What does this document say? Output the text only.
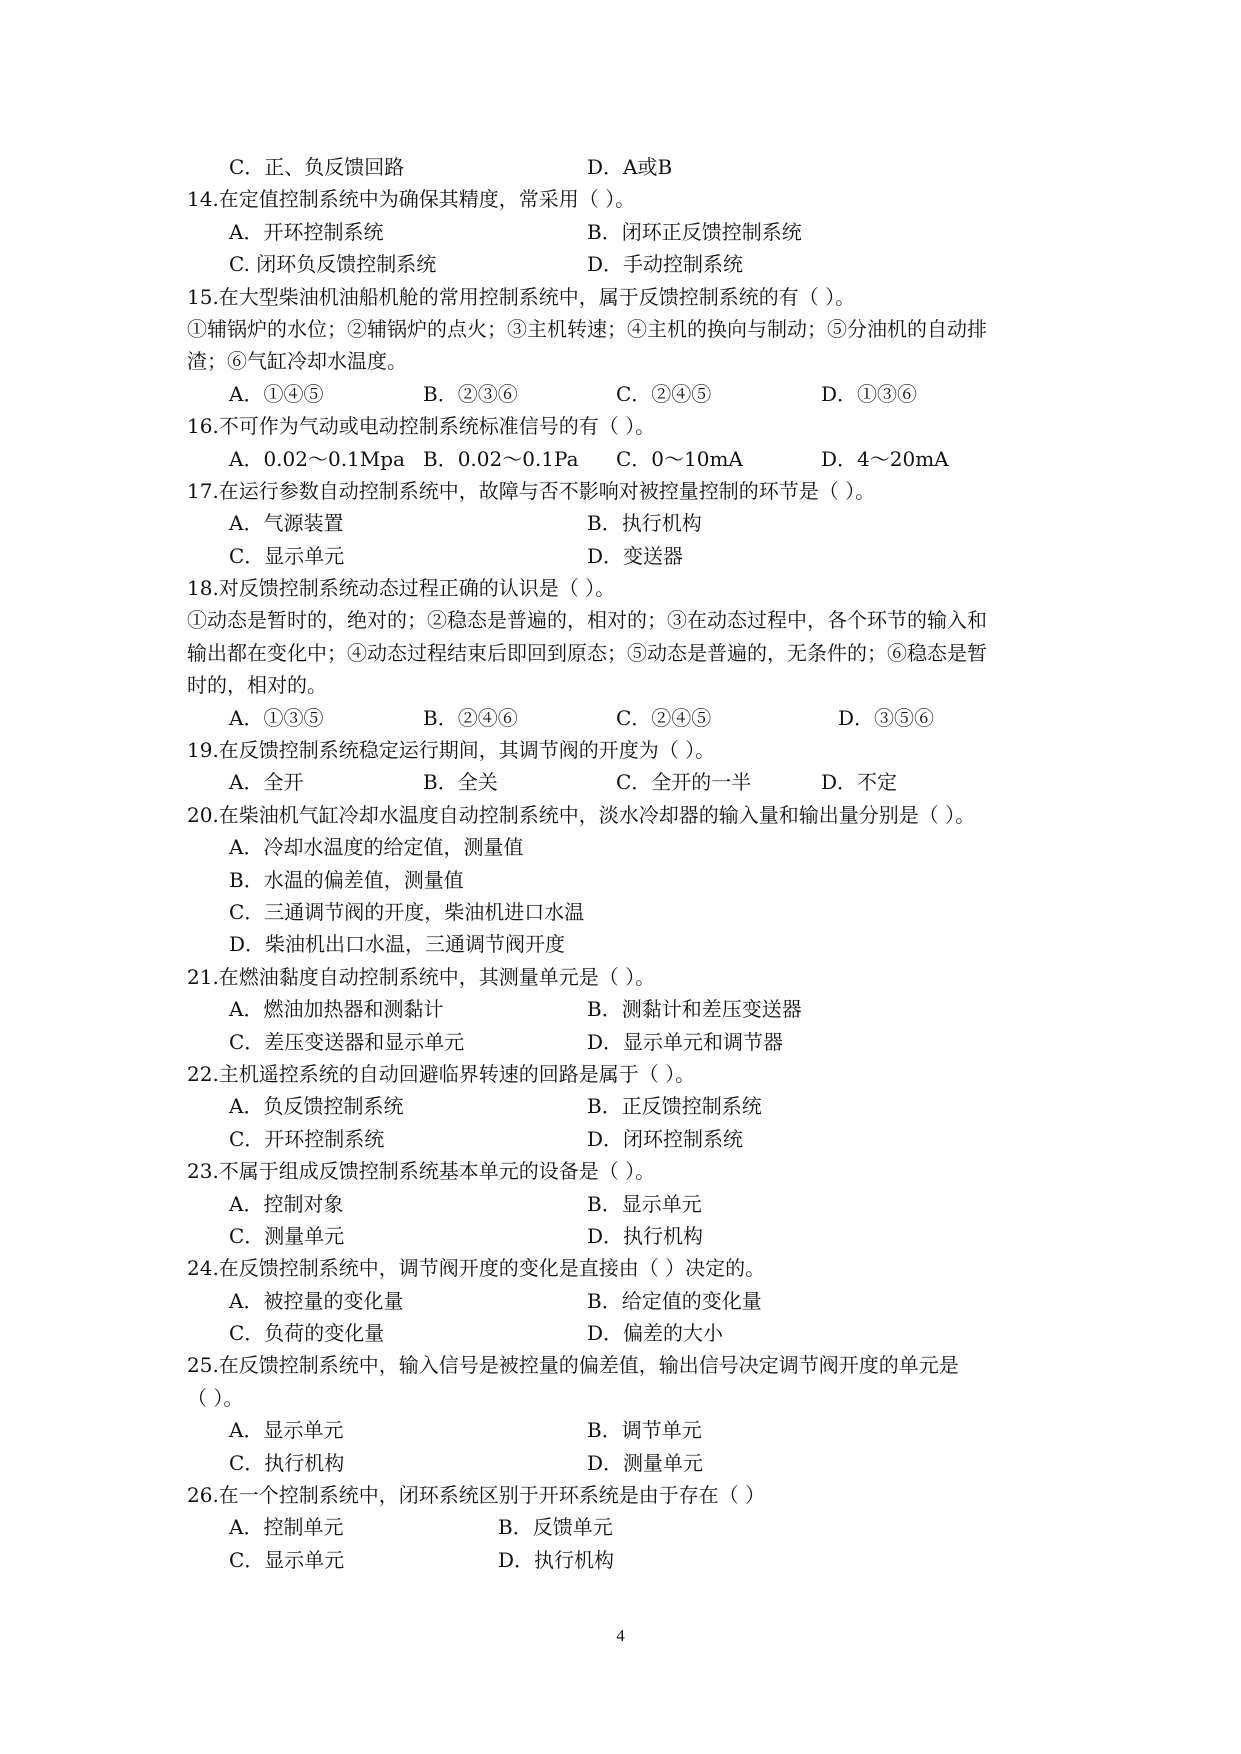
C．正、负反馈回路	D．A或B
14.在定值控制系统中为确保其精度，常采用（ ）。
A．开环控制系统	B．闭环正反馈控制系统
C. 闭环负反馈控制系统	D．手动控制系统
15.在大型柴油机油船机舱的常用控制系统中，属于反馈控制系统的有（ ）。
①辅锅炉的水位；②辅锅炉的点火；③主机转速；④主机的换向与制动；⑤分油机的自动排
渣；⑥气缸冷却水温度。
A．①④⑤	B．②③⑥	C．②④⑤	D．①③⑥
16.不可作为气动或电动控制系统标准信号的有（ ）。
A．0.02～0.1Mpa B．0.02～0.1Pa C．0～10mA	D．4～20mA
17.在运行参数自动控制系统中，故障与否不影响对被控量控制的环节是（ ）。
A．气源装置	B．执行机构
C．显示单元	D．变送器
18.对反馈控制系统动态过程正确的认识是（ ）。
①动态是暂时的，绝对的；②稳态是普遍的，相对的；③在动态过程中，各个环节的输入和
输出都在变化中；④动态过程结束后即回到原态；⑤动态是普遍的，无条件的；⑥稳态是暂
时的，相对的。
A．①③⑤	B．②④⑥	C．②④⑤	D．③⑤⑥
19.在反馈控制系统稳定运行期间，其调节阀的开度为（ ）。
A．全开	B．全关	C．全开的一半	D．不定
20.在柴油机气缸冷却水温度自动控制系统中，淡水冷却器的输入量和输出量分别是（ ）。
A．冷却水温度的给定值，测量值
B．水温的偏差值，测量值
C．三通调节阀的开度，柴油机进口水温
D．柴油机出口水温，三通调节阀开度
21.在燃油黏度自动控制系统中，其测量单元是（ ）。
A．燃油加热器和测黏计	B．测黏计和差压变送器
C．差压变送器和显示单元	D．显示单元和调节器
22.主机遥控系统的自动回避临界转速的回路是属于（ ）。
A．负反馈控制系统	B．正反馈控制系统
C．开环控制系统	D．闭环控制系统
23.不属于组成反馈控制系统基本单元的设备是（ ）。
A．控制对象	B．显示单元
C．测量单元	D．执行机构
24.在反馈控制系统中，调节阀开度的变化是直接由（ ）决定的。
A．被控量的变化量	B．给定值的变化量
C．负荷的变化量	D．偏差的大小
25.在反馈控制系统中，输入信号是被控量的偏差值，输出信号决定调节阀开度的单元是
（ ）。
A．显示单元	B．调节单元
C．执行机构	D．测量单元
26.在一个控制系统中，闭环系统区别于开环系统是由于存在（ ）
A．控制单元	B．反馈单元
C．显示单元	D．执行机构
4
